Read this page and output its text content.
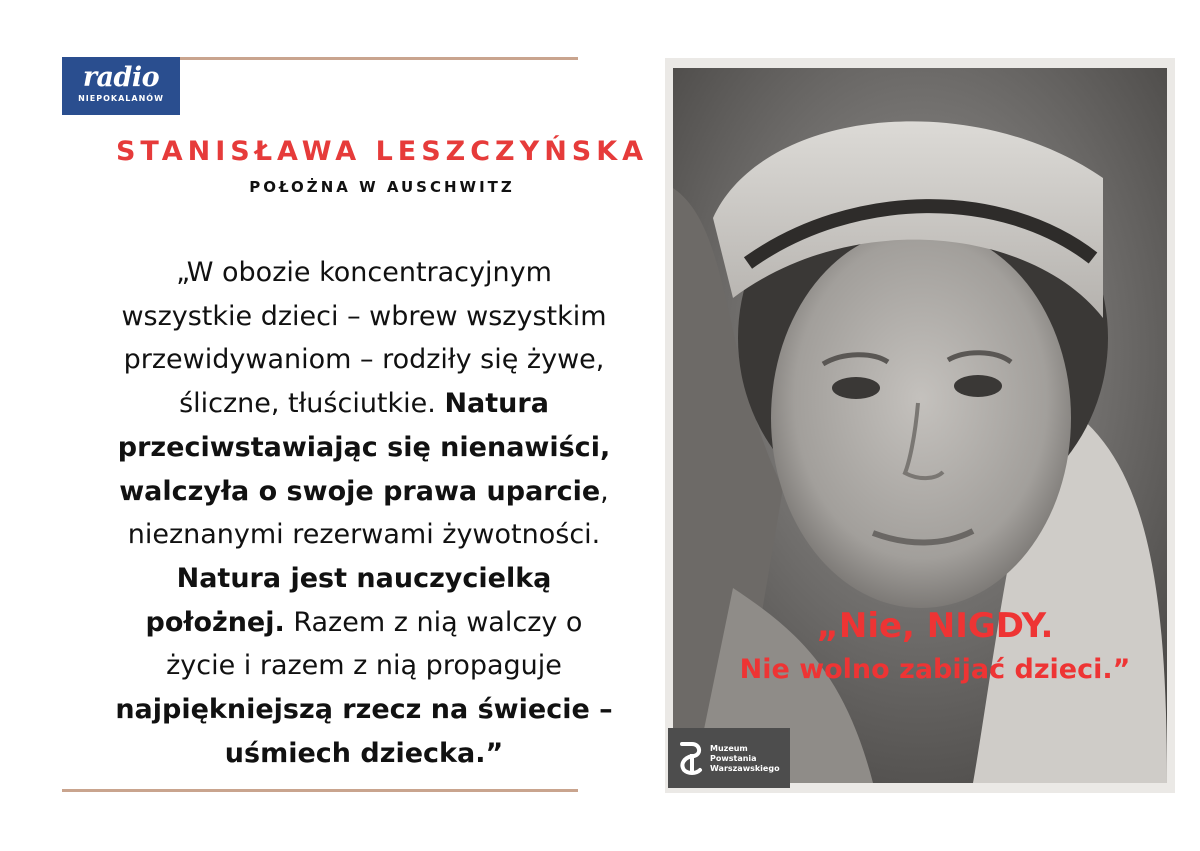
radio
NIEPOKALANÓW
STANISŁAWA LESZCZYŃSKA
POŁOŻNA W AUSCHWITZ
„W obozie koncentracyjnym
wszystkie dzieci – wbrew wszystkim
przewidywaniom – rodziły się żywe,
śliczne, tłuściutkie. Natura
przeciwstawiając się nienawiści,
walczyła o swoje prawa uparcie,
nieznanymi rezerwami żywotności.
Natura jest nauczycielką
położnej. Razem z nią walczy o
życie i razem z nią propaguje
najpiękniejszą rzecz na świecie –
uśmiech dziecka.”
„Nie, NIGDY.
Nie wolno zabijać dzieci.”
Muzeum
Powstania
Warszawskiego
